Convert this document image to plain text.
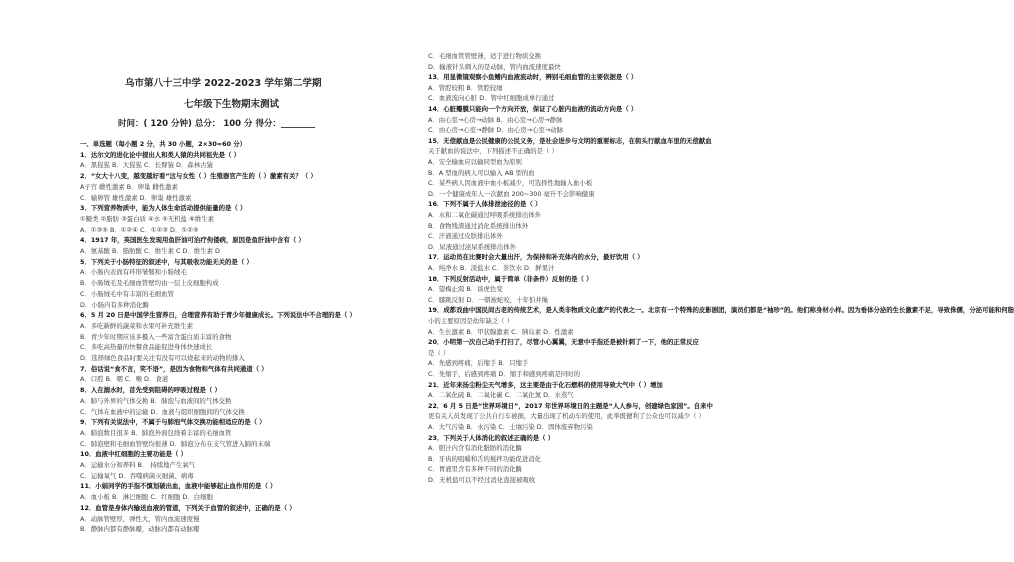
乌市第八十三中学 2022-2023 学年第二学期
七年级下生物期末测试
时间：( 120 分钟) 总分： 100 分 得分：________
一、单选题（每小题 2 分，共 30 小题，2×30=60 分）
1．达尔文的进化论中提出人和类人猿的共同祖先是（ ）
A．黑猩猩 B．大猩猩 C．长臂猿 D．森林古猿
2．“女大十八变，越变越好看”这与女性（ ）生殖器官产生的（ ）激素有关？（ ）
A子宫 雌性激素 B．卵巢 雌性激素
C．输卵管 雄性激素 D．卵巢 雄性激素
3．下列营养物质中，能为人体生命活动提供能量的是（ ）
①糖类 ②脂肪 ③蛋白质 ④水 ⑤无机盐 ⑥维生素
A．①③⑤ B．①②④ C．①②③ D．①②⑤
4．1917 年，英国医生发现用鱼肝油可治疗佝偻病，原因是鱼肝油中含有（ ）
A．氨基酸 B．脂肪酸 C．维生素 C D．维生素 D
5．下列关于小肠特征的叙述中，与其吸收功能无关的是（ ）
A．小肠内表面有环形皱襞和小肠绒毛
B．小肠绒毛及毛细血管壁均由一层上皮细胞构成
C．小肠绒毛中有丰富的毛细血管
D．小肠内有多种消化酶
6．5 月 20 日是中国学生营养日，合理营养有助于青少年健康成长。下列说法中不合理的是（ ）
A．多吃新鲜的蔬菜和水果可补充维生素
B．青少年时期应该多摄入一些富含蛋白质丰富的食物
C．多吃高热量的快餐食品能促进身体快速成长
D．选择绿色食品时要关注有没有可以烧起来的动物的排入
7．俗话说“食不言，笑不语”，是因为食物和气体有共同通道（ ）
A．口腔 B．咽 C．喉 D．食道
8．人在溺水时，首先受到阻碍的呼吸过程是（ ）
A．肺与外界的气体交换 B．肺泡与血液间的气体交换
C．气体在血液中的运输 D．血液与组织细胞间的气体交换
9．下列有关说法中，不属于与肺泡气体交换功能相适应的是（ ）
A．肺泡数目很多 B．肺泡外面包绕着丰富的毛细血管
C．肺泡壁和毛细血管壁均很薄 D．肺泡分布在支气管进入肺的末端
10．血液中红细胞的主要功能是（ ）
A．运输水分和养料 B． 持续地产生氧气
C．运输氧气 D．吞噬病菌灭细菌、病毒
11．小娟同学的手指不慎划破出血，血液中能够起止血作用的是（ ）
A．血小板 B．淋巴细胞 C．红细胞 D．白细胞
12．血管是身体内输送血液的管道，下列关于血管的叙述中，正确的是（ ）
A．动脉管壁厚，弹性大，管内血流速度慢
B．静脉内都有静脉瓣，动脉内都有动脉瓣
C．毛细血管管壁薄，适于进行物质交换
D．输液针头刺入的是动脉，管内血流速度最快
13．用显微镜观察小鱼鳍内血液流动时，辨别毛细血管的主要依据是（ ）
A．管腔较粗 B．管腔较细
C．血液流向心脏 D．管中红细胞成单行通过
14．心脏瓣膜只能向一个方向开放，保证了心脏内血液的流动方向是（ ）
A．由心室→心房→动脉 B．由心室→心房→静脉
C．由心房→心室→静脉 D．由心房→心室→动脉
15．无偿献血是公民健康的公民义务，是社会进步与文明的重要标志，在街头行献血车里的无偿献血
关于献血的说法中，下列描述不正确的是（ ）
A．安全输血应以输同型血为原则
B．A 型血的病人可以输入 AB 型的血
C．某些病人因血液中血小板减少，可选择性地输入血小板
D．一个健康成年人一次献血 200~300 毫升不会影响健康
16．下列不属于人体排泄途径的是（ ）
A．水和二氧化碳通过呼吸系统排出体外
B．食物残渣通过消化系统排出体外
C．汗液通过皮肤排出体外
D．尿液通过泌尿系统排出体外
17．运动员在比赛时会大量出汗，为保持和补充体内的水分，最好饮用（ ）
A．纯净水 B．淡盐水 C．茶饮水 D．鲜果汁
18．下列反射活动中，属于简单（非条件）反射的是（ ）
A．望梅止渴 B．谈虎色变
C．膝跳反射 D．一朝被蛇咬，十年怕井绳
19．成都戏曲中国民间古老的传统艺术，是人类非物质文化遗产的代表之一。北京有一个特殊的皮影剧团，演员们都是“袖珍”的。他们称身材小样。因为垂体分泌的生长激素不足，导致侏儒，分泌可能和何脂
小的主要原因是幼年缺乏（ ）
A．生长激素 B．甲状腺激素 C．胰岛素 D．性激素
20．小明第一次自己动手打扫了，尽管小心翼翼，无意中手指还是被针刺了一下，他的正常反应
是（ ）
A．先感到疼痛，后缩手 B．只缩手
C．先缩手，后感到疼痛 D．缩手和感到疼痛是同时的
21．近年来扬尘粉尘天气增多，这主要是由于化石燃料的使用导致大气中（ ）增加
A．二氧化硫 B．二氧化碳 C．二氧化氮 D．水蒸气
22．6 月 5 日是“世界环境日”，2017 年世界环境日的主题是“人人参与，创建绿色家园”。自来中
更有关人员发现了公共自行车被损，大量出现了机动车的使用，此举既便利了公众也可以减少（ ）
A．大气污染 B．水污染 C．土壤污染 D．固体废弃物污染
23．下列关于人体消化的叙述正确的是（ ）
A．胆汁内含有消化脂肪的消化酶
B．牙齿的咀嚼和舌的搅拌功能促进消化
C．胃液里含有多种不同的消化酶
D．无机盐可以不经过消化直接被吸收
